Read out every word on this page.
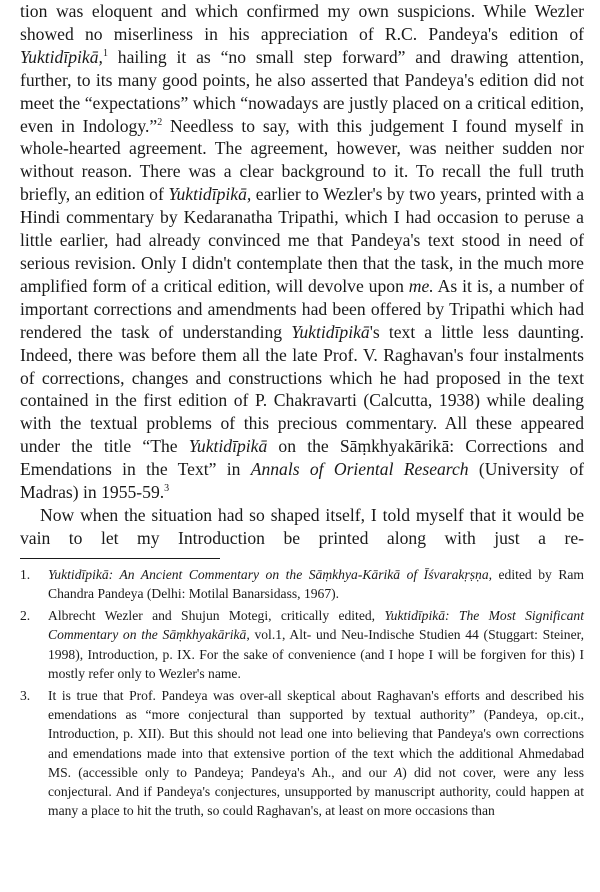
tion was eloquent and which confirmed my own suspicions. While Wezler showed no miserliness in his appreciation of R.C. Pandeya's edition of Yuktidīpikā,$^1$ hailing it as “no small step forward” and drawing attention, further, to its many good points, he also asserted that Pandeya's edition did not meet the “expectations” which “nowadays are justly placed on a critical edition, even in Indology.”$^2$ Needless to say, with this judgement I found myself in whole-hearted agreement. The agreement, however, was neither sudden nor without reason. There was a clear background to it. To recall the full truth briefly, an edition of Yuktidīpikā, earlier to Wezler's by two years, printed with a Hindi commentary by Kedaranatha Tripathi, which I had occasion to peruse a little earlier, had already convinced me that Pandeya's text stood in need of serious revision. Only I didn't contemplate then that the task, in the much more amplified form of a critical edition, will devolve upon me. As it is, a number of important corrections and amendments had been offered by Tripathi which had rendered the task of understanding Yuktidīpikā's text a little less daunting. Indeed, there was before them all the late Prof. V. Raghavan's four instalments of corrections, changes and constructions which he had proposed in the text contained in the first edition of P. Chakravarti (Calcutta, 1938) while dealing with the textual problems of this precious commentary. All these appeared under the title “The Yuktidīpikā on the Sāṃkhyakārikā: Corrections and Emendations in the Text” in Annals of Oriental Research (University of Madras) in 1955-59.$^3$

Now when the situation had so shaped itself, I told myself that it would be vain to let my Introduction be printed along with just a re-

1.	Yuktidīpikā: An Ancient Commentary on the Sāṃkhya-Kārikā of Īśvarakṛṣṇa, edited by Ram Chandra Pandeya (Delhi: Motilal Banarsidass, 1967).
2.	Albrecht Wezler and Shujun Motegi, critically edited, Yuktidīpikā: The Most Significant Commentary on the Sāṃkhyakārikā, vol.1, Alt- und Neu-Indische Studien 44 (Stuggart: Steiner, 1998), Introduction, p. IX. For the sake of convenience (and I hope I will be forgiven for this) I mostly refer only to Wezler's name.
3.	It is true that Prof. Pandeya was over-all skeptical about Raghavan's efforts and described his emendations as “more conjectural than supported by textual authority” (Pandeya, op.cit., Introduction, p. XII). But this should not lead one into believing that Pandeya's own corrections and emendations made into that extensive portion of the text which the additional Ahmedabad MS. (accessible only to Pandeya; Pandeya's Ah., and our A) did not cover, were any less conjectural. And if Pandeya's conjectures, unsupported by manuscript authority, could happen at many a place to hit the truth, so could Raghavan's, at least on more occasions than
